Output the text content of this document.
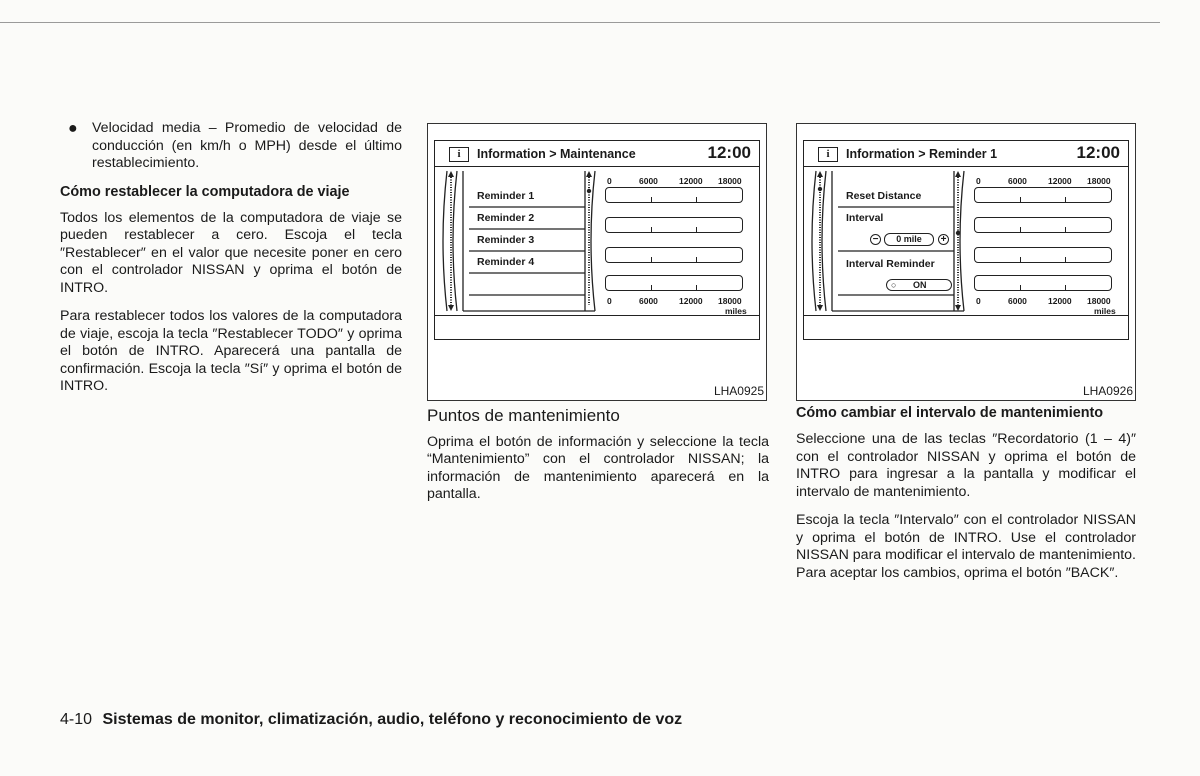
●	Velocidad media – Promedio de velocidad de conducción (en km/h o MPH) desde el último restablecimiento.
Cómo restablecer la computadora de viaje

Todos los elementos de la computadora de viaje se pueden restablecer a cero. Escoja el tecla ″Restablecer″ en el valor que necesite poner en cero con el controlador NISSAN y oprima el botón de INTRO.

Para restablecer todos los valores de la computadora de viaje, escoja la tecla ″Restablecer TODO″ y oprima el botón de INTRO. Aparecerá una pantalla de confirmación. Escoja la tecla ″Sí″ y oprima el botón de INTRO.

i	Information > Maintenance	12:00
Reminder 1
Reminder 2
Reminder 3
Reminder 4
0	6000 12000 18000
0	6000 12000 18000
miles
LHA0925
Puntos de mantenimiento

Oprima el botón de información y seleccione la tecla “Mantenimiento” con el controlador NISSAN; la información de mantenimiento aparecerá en la pantalla.

i	Information > Reminder 1	12:00
Reset Distance
Interval
−	0 mile	+
Interval Reminder
○ ON
0	6000 12000 18000
0	6000 12000 18000
miles
LHA0926
Cómo cambiar el intervalo de mantenimiento

Seleccione una de las teclas ″Recordatorio (1 – 4)″ con el controlador NISSAN y oprima el botón de INTRO para ingresar a la pantalla y modificar el intervalo de mantenimiento.

Escoja la tecla ″Intervalo″ con el controlador NISSAN y oprima el botón de INTRO. Use el controlador NISSAN para modificar el intervalo de mantenimiento. Para aceptar los cambios, oprima el botón ″BACK″.

4-10 Sistemas de monitor, climatización, audio, teléfono y reconocimiento de voz
